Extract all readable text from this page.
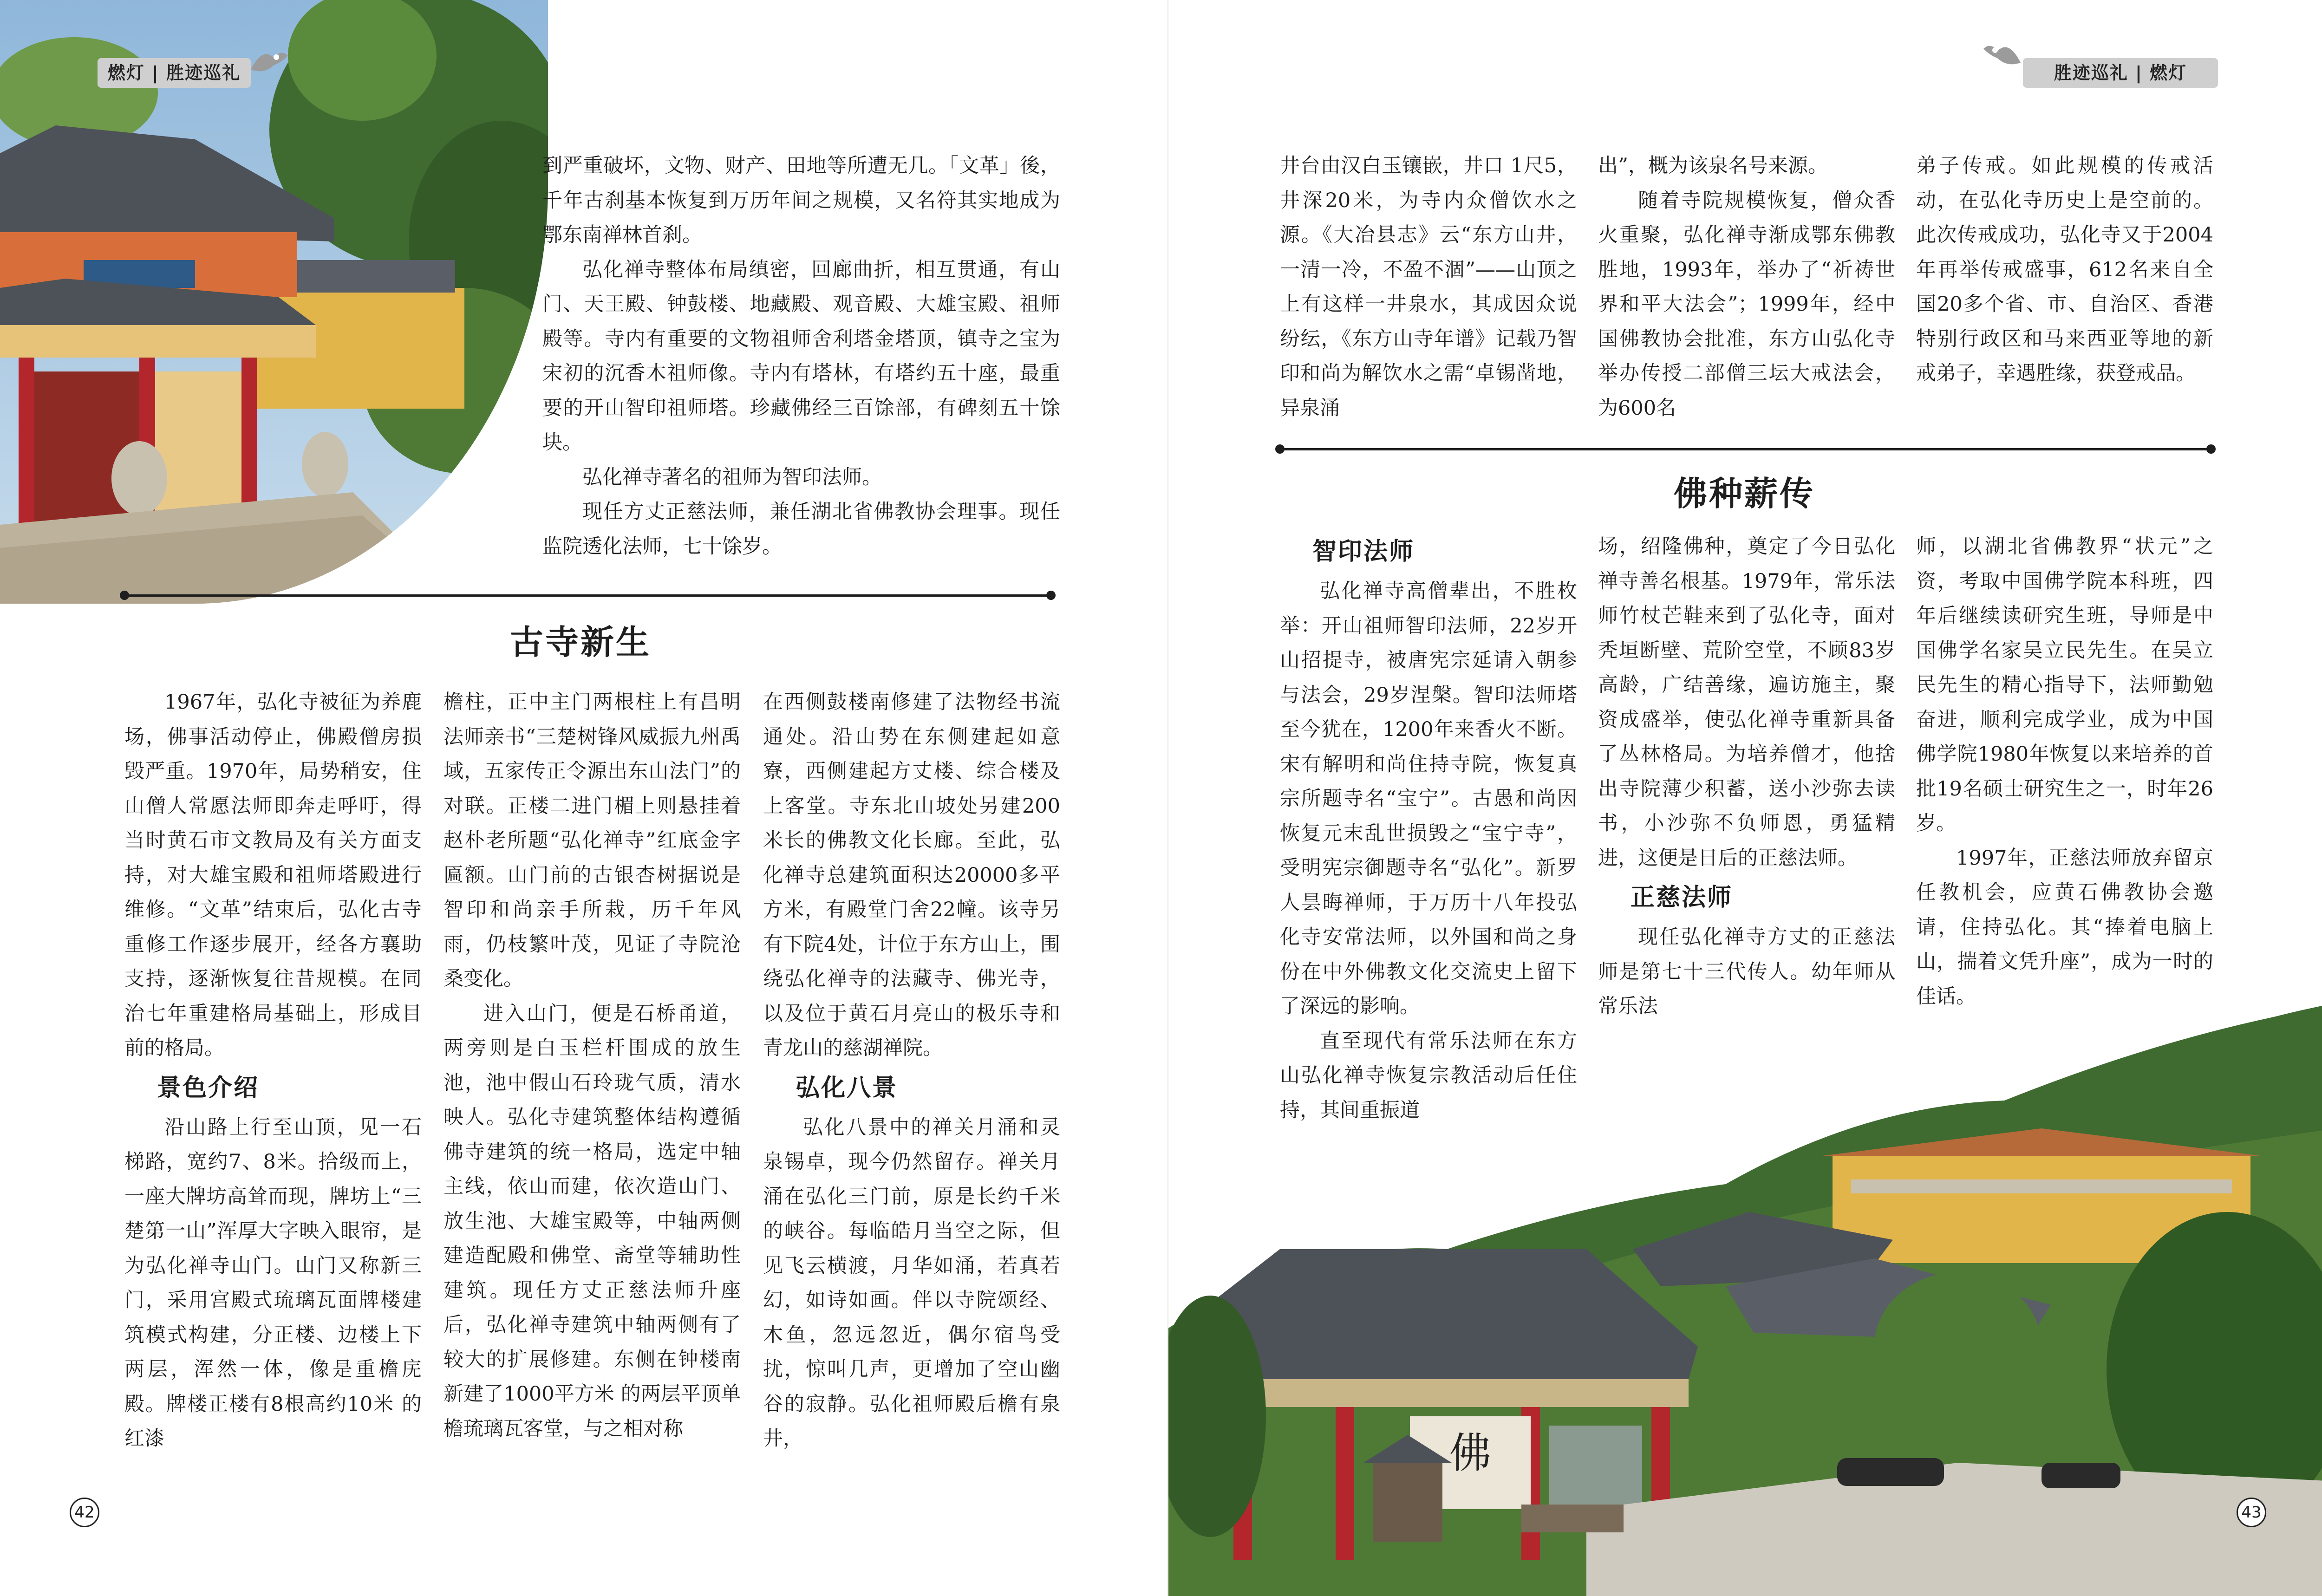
燃灯 | 胜迹巡礼

到严重破坏，文物、财产、田地等所遭无几。「文革」後，千年古刹基本恢复到万历年间之规模，又名符其实地成为鄂东南禅林首刹。

弘化禅寺整体布局缜密，回廊曲折，相互贯通，有山门、天王殿、钟鼓楼、地藏殿、观音殿、大雄宝殿、祖师殿等。寺内有重要的文物祖师舍利塔金塔顶，镇寺之宝为宋初的沉香木祖师像。寺内有塔林，有塔约五十座，最重要的开山智印祖师塔。珍藏佛经三百馀部，有碑刻五十馀块。

弘化禅寺著名的祖师为智印法师。

现任方丈正慈法师，兼任湖北省佛教协会理事。现任监院透化法师，七十馀岁。

古寺新生

1967年，弘化寺被征为养鹿场，佛事活动停止，佛殿僧房损毁严重。1970年，局势稍安，住山僧人常愿法师即奔走呼吁，得当时黄石市文教局及有关方面支持，对大雄宝殿和祖师塔殿进行维修。“文革”结束后，弘化古寺重修工作逐步展开，经各方襄助支持，逐渐恢复往昔规模。在同治七年重建格局基础上，形成目前的格局。

景色介绍

沿山路上行至山顶，见一石梯路，宽约7、8米。拾级而上，一座大牌坊高耸而现，牌坊上“三楚第一山”浑厚大字映入眼帘，是为弘化禅寺山门。山门又称新三门，采用宫殿式琉璃瓦面牌楼建筑模式构建，分正楼、边楼上下两层，浑然一体，像是重檐庑殿。牌楼正楼有8根高约10米 的红漆

檐柱，正中主门两根柱上有昌明法师亲书“三楚树锋风威振九州禹域，五家传正令源出东山法门”的对联。正楼二进门楣上则悬挂着赵朴老所题“弘化禅寺”红底金字匾额。山门前的古银杏树据说是智印和尚亲手所栽，历千年风雨，仍枝繁叶茂，见证了寺院沧桑变化。

进入山门，便是石桥甬道，两旁则是白玉栏杆围成的放生池，池中假山石玲珑气质，清水映人。弘化寺建筑整体结构遵循佛寺建筑的统一格局，选定中轴主线，依山而建，依次造山门、放生池、大雄宝殿等，中轴两侧建造配殿和佛堂、斋堂等辅助性建筑。现任方丈正慈法师升座后，弘化禅寺建筑中轴两侧有了较大的扩展修建。东侧在钟楼南新建了1000平方米 的两层平顶单檐琉璃瓦客堂，与之相对称

在西侧鼓楼南修建了法物经书流通处。沿山势在东侧建起如意寮，西侧建起方丈楼、综合楼及上客堂。寺东北山坡处另建200米长的佛教文化长廊。至此，弘化禅寺总建筑面积达20000多平方米，有殿堂门舍22幢。该寺另有下院4处，计位于东方山上，围绕弘化禅寺的法藏寺、佛光寺，以及位于黄石月亮山的极乐寺和青龙山的慈湖禅院。

弘化八景

弘化八景中的禅关月涌和灵泉锡卓，现今仍然留存。禅关月涌在弘化三门前，原是长约千米的峡谷。每临皓月当空之际，但见飞云横渡，月华如涌，若真若幻，如诗如画。伴以寺院颂经、木鱼，忽远忽近，偶尔宿鸟受扰，惊叫几声，更增加了空山幽谷的寂静。弘化祖师殿后檐有泉井，

42
胜迹巡礼 | 燃灯

井台由汉白玉镶嵌，井口 1尺5，井深20米，为寺内众僧饮水之源。《大冶县志》云“东方山井，一清一冷，不盈不涸”——山顶之上有这样一井泉水，其成因众说纷纭，《东方山寺年谱》记载乃智印和尚为解饮水之需“卓锡凿地，异泉涌

出”，概为该泉名号来源。

随着寺院规模恢复，僧众香火重聚，弘化禅寺渐成鄂东佛教胜地，1993年，举办了“祈祷世界和平大法会”；1999年，经中国佛教协会批准，东方山弘化寺举办传授二部僧三坛大戒法会，为600名

弟子传戒。如此规模的传戒活动，在弘化寺历史上是空前的。此次传戒成功，弘化寺又于2004年再举传戒盛事，612名来自全国20多个省、市、自治区、香港特别行政区和马来西亚等地的新戒弟子，幸遇胜缘，获登戒品。

佛种薪传
佛
智印法师

弘化禅寺高僧辈出，不胜枚举：开山祖师智印法师，22岁开山招提寺，被唐宪宗延请入朝参与法会，29岁涅槃。智印法师塔至今犹在，1200年来香火不断。宋有解明和尚住持寺院，恢复真宗所题寺名“宝宁”。古愚和尚因恢复元末乱世损毁之“宝宁寺”，受明宪宗御题寺名“弘化”。新罗人昙晦禅师，于万历十八年投弘化寺安常法师，以外国和尚之身份在中外佛教文化交流史上留下了深远的影响。

直至现代有常乐法师在东方山弘化禅寺恢复宗教活动后任住持，其间重振道

场，绍隆佛种，奠定了今日弘化禅寺善名根基。1979年，常乐法师竹杖芒鞋来到了弘化寺，面对秃垣断壁、荒阶空堂，不顾83岁高龄，广结善缘，遍访施主，聚资成盛举，使弘化禅寺重新具备了丛林格局。为培养僧才，他捨出寺院薄少积蓄，送小沙弥去读书，小沙弥不负师恩，勇猛精进，这便是日后的正慈法师。

正慈法师

现任弘化禅寺方丈的正慈法师是第七十三代传人。幼年师从常乐法

师，以湖北省佛教界“状元”之资，考取中国佛学院本科班，四年后继续读研究生班，导师是中国佛学名家吴立民先生。在吴立民先生的精心指导下，法师勤勉奋进，顺利完成学业，成为中国佛学院1980年恢复以来培养的首批19名硕士研究生之一，时年26岁。

1997年，正慈法师放弃留京任教机会，应黄石佛教协会邀请，住持弘化。其“捧着电脑上山，揣着文凭升座”，成为一时的佳话。

43
